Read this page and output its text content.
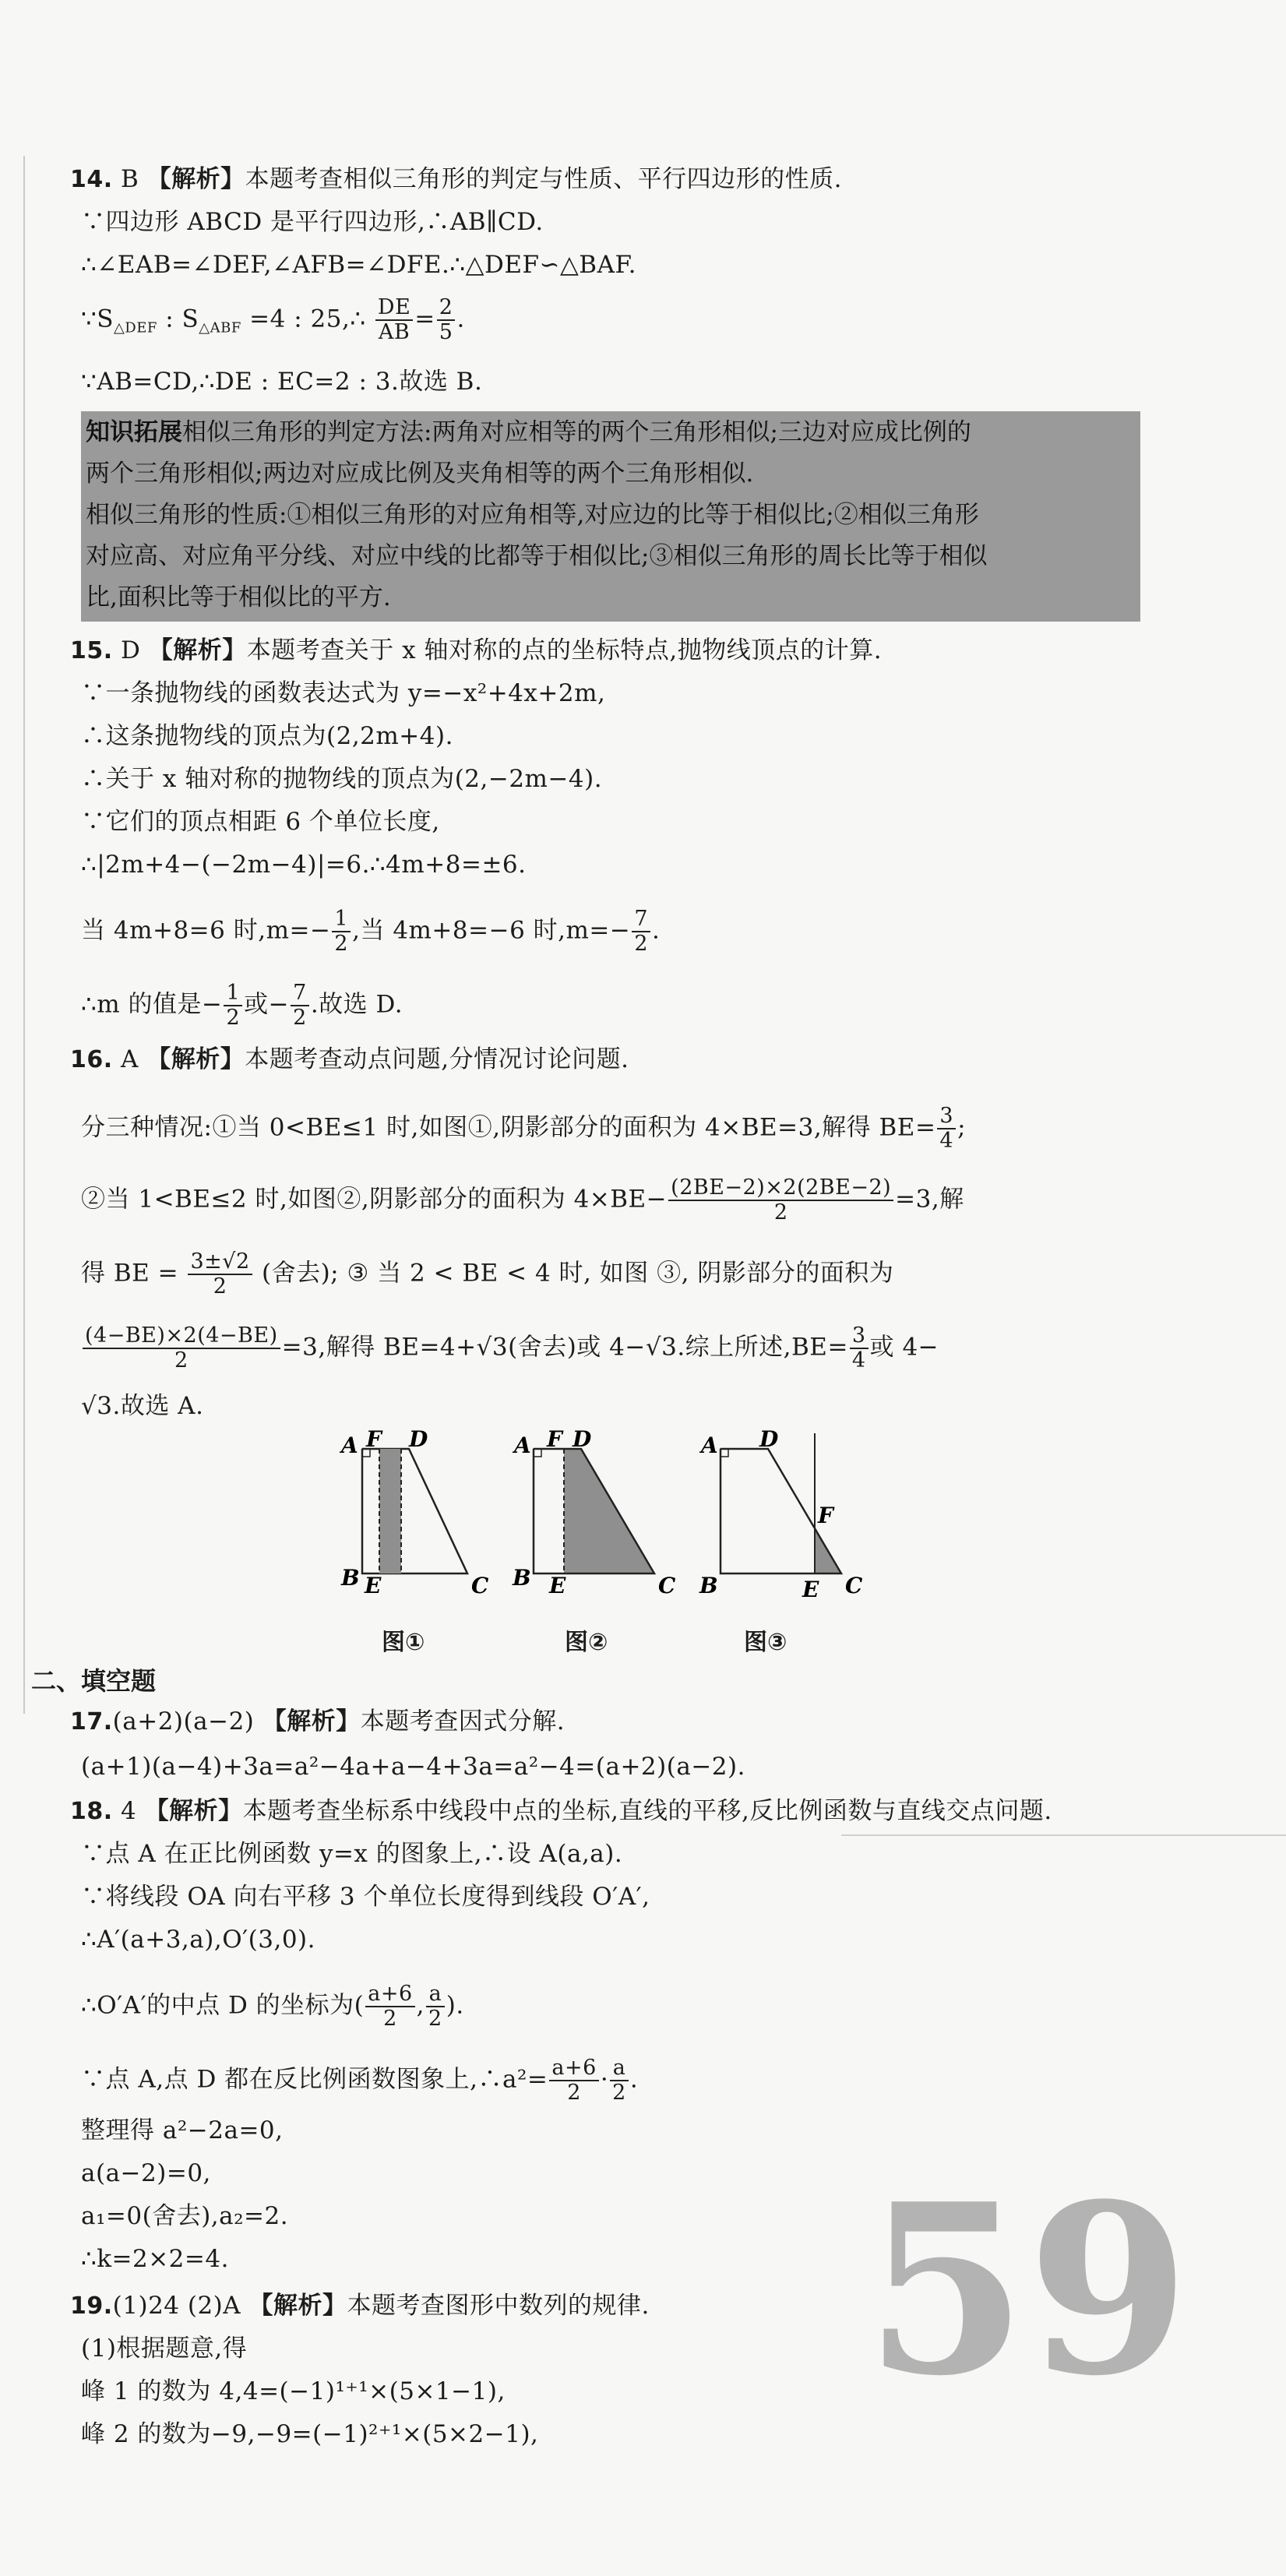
14. B 【解析】本题考查相似三角形的判定与性质、平行四边形的性质.
∵四边形 ABCD 是平行四边形,∴AB∥CD.
∴∠EAB=∠DEF,∠AFB=∠DFE.∴△DEF∽△BAF.
$\because S_{\triangle DEF}$ : $S_{\triangle ABF} =4$ : 25,∴ $\frac{DE}{AB} = \frac{2}{5}$ .
∵AB=CD,∴DE : EC=2 : 3.故选 B.
知识拓展相似三角形的判定方法:两角对应相等的两个三角形相似;三边对应成比例的
两个三角形相似;两边对应成比例及夹角相等的两个三角形相似.
相似三角形的性质:①相似三角形的对应角相等,对应边的比等于相似比;②相似三角形
对应高、对应角平分线、对应中线的比都等于相似比;③相似三角形的周长比等于相似
比,面积比等于相似比的平方.
15. D 【解析】本题考查关于 x 轴对称的点的坐标特点,抛物线顶点的计算.
∵一条抛物线的函数表达式为 y=−x²+4x+2m,
∴这条抛物线的顶点为(2,2m+4).
∴关于 x 轴对称的抛物线的顶点为(2,−2m−4).
∵它们的顶点相距 6 个单位长度,
∴|2m+4−(−2m−4)|=6.∴4m+8=±6.
当 4m+8=6 时$,m=- \frac{1}{2}$ ,当 4m+8=−6 时$,m=- \frac{7}{2}$ .
∴m 的值是− $\frac{1}{2}$ 或− $\frac{7}{2}$ .故选 D.
16. A 【解析】本题考查动点问题,分情况讨论问题.
分三种情况:①当 0<BE≤1 时,如图①,阴影部分的面积为 4×BE=3,解得 $BE= \frac{3}{4}$ ;
②当 1<BE≤2 时,如图②,阴影部分的面积为 $4\times BE- \frac{(2BE-2)\times 2(2BE-2)}{2} =3$,解
得 BE = $\frac{3\pm√2}{2}$ (舍去); ③ 当 2 < BE < 4 时, 如图 ③, 阴影部分的面积为
$\frac{(4-BE)\times 2(4-BE)}{2} =3$,解得 BE=4+√3(舍去)或 4−√3.综上所述$,BE= \frac{3}{4}$ 或 4−
√3.故选 A.
A F D
B E	C
A F D
B E	C
A D
F
B	E C
图①	图②	图③
二、填空题
17.(a+2)(a−2) 【解析】本题考查因式分解.
(a+1)(a−4)+3a=a²−4a+a−4+3a=a²−4=(a+2)(a−2).
18. 4 【解析】本题考查坐标系中线段中点的坐标,直线的平移,反比例函数与直线交点问题.
∵点 A 在正比例函数 y=x 的图象上,∴设 A(a,a).
∵将线段 OA 向右平移 3 个单位长度得到线段 O′A′,
∴A′(a+3,a),O′(3,0).
∴O′A′的中点 D 的坐标为( $\frac{a+6}{2}$ , $\frac{a}{2}$ ).
∵点 A,点 D 都在反比例函数图象上,∴a²= $\frac{a+6}{2} \cdot \frac{a}{2}$ .
整理得 a²−2a=0,
a(a−2)=0,
a₁=0(舍去),a₂=2.
∴k=2×2=4.
19.(1)24 (2)A 【解析】本题考查图形中数列的规律.
(1)根据题意,得
峰 1 的数为 4,4=(−1)¹⁺¹×(5×1−1),
峰 2 的数为−9,−9=(−1)²⁺¹×(5×2−1),
59
